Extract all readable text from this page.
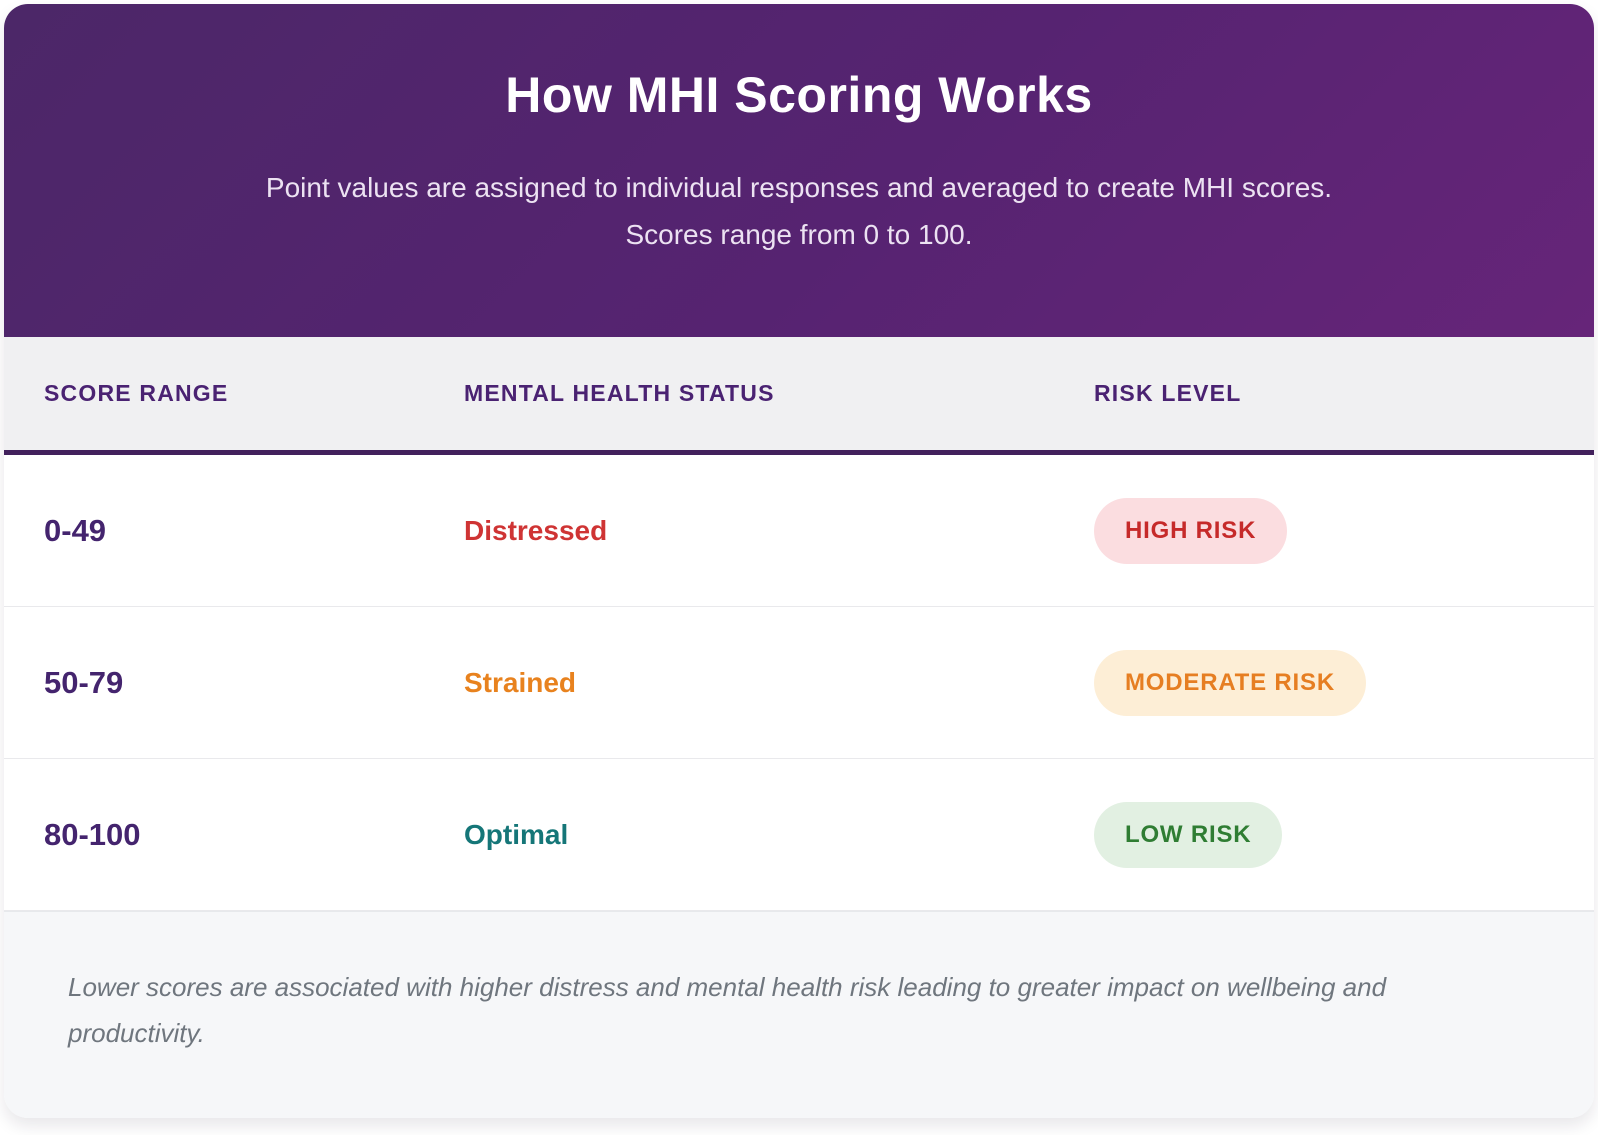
How MHI Scoring Works

Point values are assigned to individual responses and averaged to create MHI scores. Scores range from 0 to 100.

SCORE RANGE	MENTAL HEALTH STATUS	RISK LEVEL
0-49	Distressed	HIGH RISK
50-79	Strained	MODERATE RISK
80-100	Optimal	LOW RISK

Lower scores are associated with higher distress and mental health risk leading to greater impact on wellbeing and productivity.
